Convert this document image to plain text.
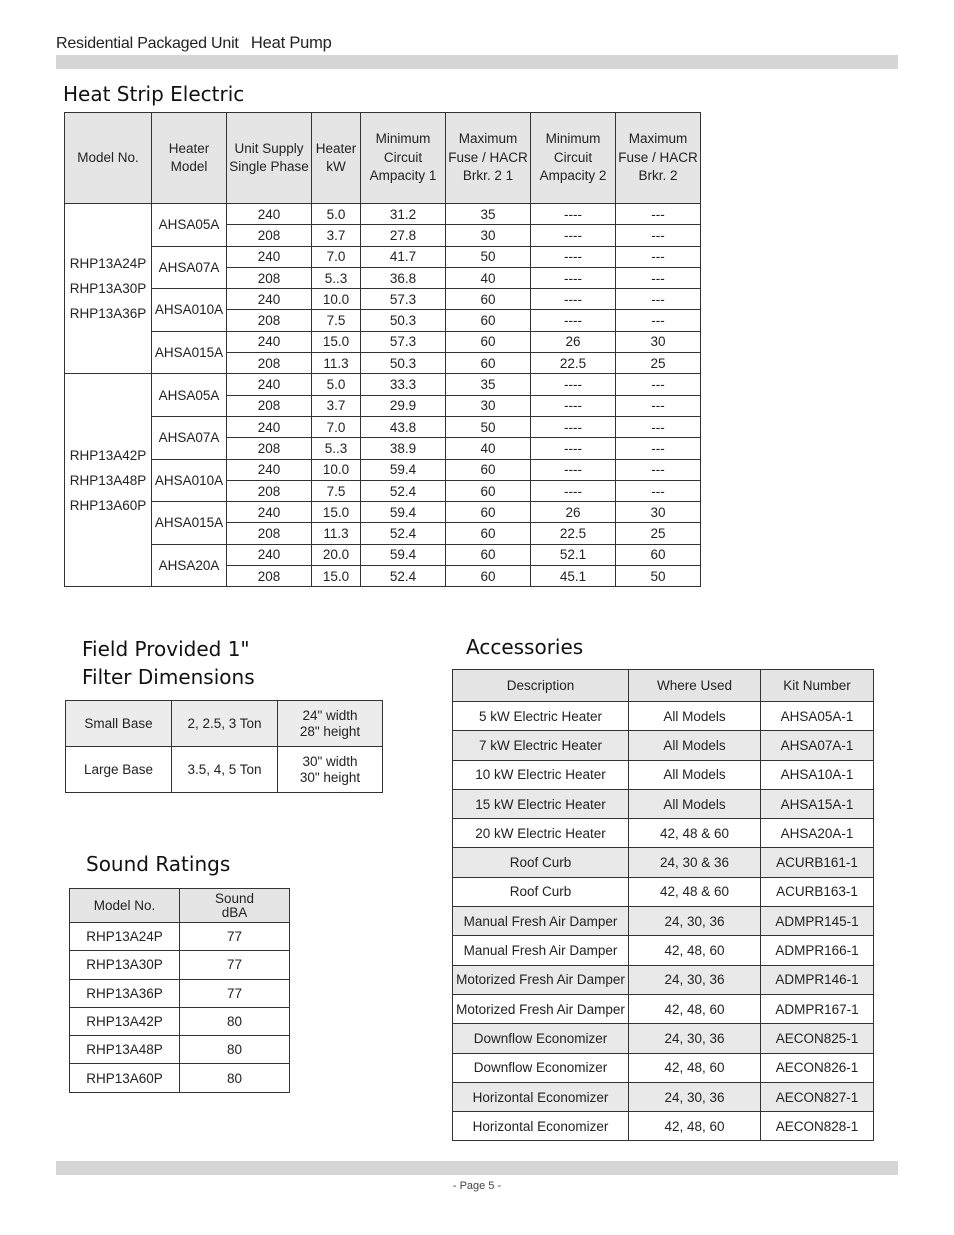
Residential Packaged Unit Heat Pump
Heat Strip Electric
Model No.	Heater Model	Unit Supply Single Phase	Heater kW	Minimum Circuit Ampacity 1	Maximum Fuse / HACR Brkr. 2 1	Minimum Circuit Ampacity 2	Maximum Fuse / HACR Brkr. 2
RHP13A24P
RHP13A30P
RHP13A36P	AHSA05A	240	5.0	31.2	35	----	---
		208	3.7	27.8	30	----	---
	AHSA07A	240	7.0	41.7	50	----	---
		208	5..3	36.8	40	----	---
	AHSA010A	240	10.0	57.3	60	----	---
		208	7.5	50.3	60	----	---
	AHSA015A	240	15.0	57.3	60	26	30
		208	11.3	50.3	60	22.5	25
RHP13A42P
RHP13A48P
RHP13A60P	AHSA05A	240	5.0	33.3	35	----	---
		208	3.7	29.9	30	----	---
	AHSA07A	240	7.0	43.8	50	----	---
		208	5..3	38.9	40	----	---
	AHSA010A	240	10.0	59.4	60	----	---
		208	7.5	52.4	60	----	---
	AHSA015A	240	15.0	59.4	60	26	30
		208	11.3	52.4	60	22.5	25
	AHSA20A	240	20.0	59.4	60	52.1	60
		208	15.0	52.4	60	45.1	50
Field Provided 1"
Filter Dimensions
Small Base	2, 2.5, 3 Ton	24" width
28" height
Large Base	3.5, 4, 5 Ton	30" width
30" height
Sound Ratings
Model No.	Sound
dBA
RHP13A24P	77
RHP13A30P	77
RHP13A36P	77
RHP13A42P	80
RHP13A48P	80
RHP13A60P	80
Accessories
Description	Where Used	Kit Number
5 kW Electric Heater	All Models	AHSA05A-1
7 kW Electric Heater	All Models	AHSA07A-1
10 kW Electric Heater	All Models	AHSA10A-1
15 kW Electric Heater	All Models	AHSA15A-1
20 kW Electric Heater	42, 48 & 60	AHSA20A-1
Roof Curb	24, 30 & 36	ACURB161-1
Roof Curb	42, 48 & 60	ACURB163-1
Manual Fresh Air Damper	24, 30, 36	ADMPR145-1
Manual Fresh Air Damper	42, 48, 60	ADMPR166-1
Motorized Fresh Air Damper	24, 30, 36	ADMPR146-1
Motorized Fresh Air Damper	42, 48, 60	ADMPR167-1
Downflow Economizer	24, 30, 36	AECON825-1
Downflow Economizer	42, 48, 60	AECON826-1
Horizontal Economizer	24, 30, 36	AECON827-1
Horizontal Economizer	42, 48, 60	AECON828-1
- Page 5 -
